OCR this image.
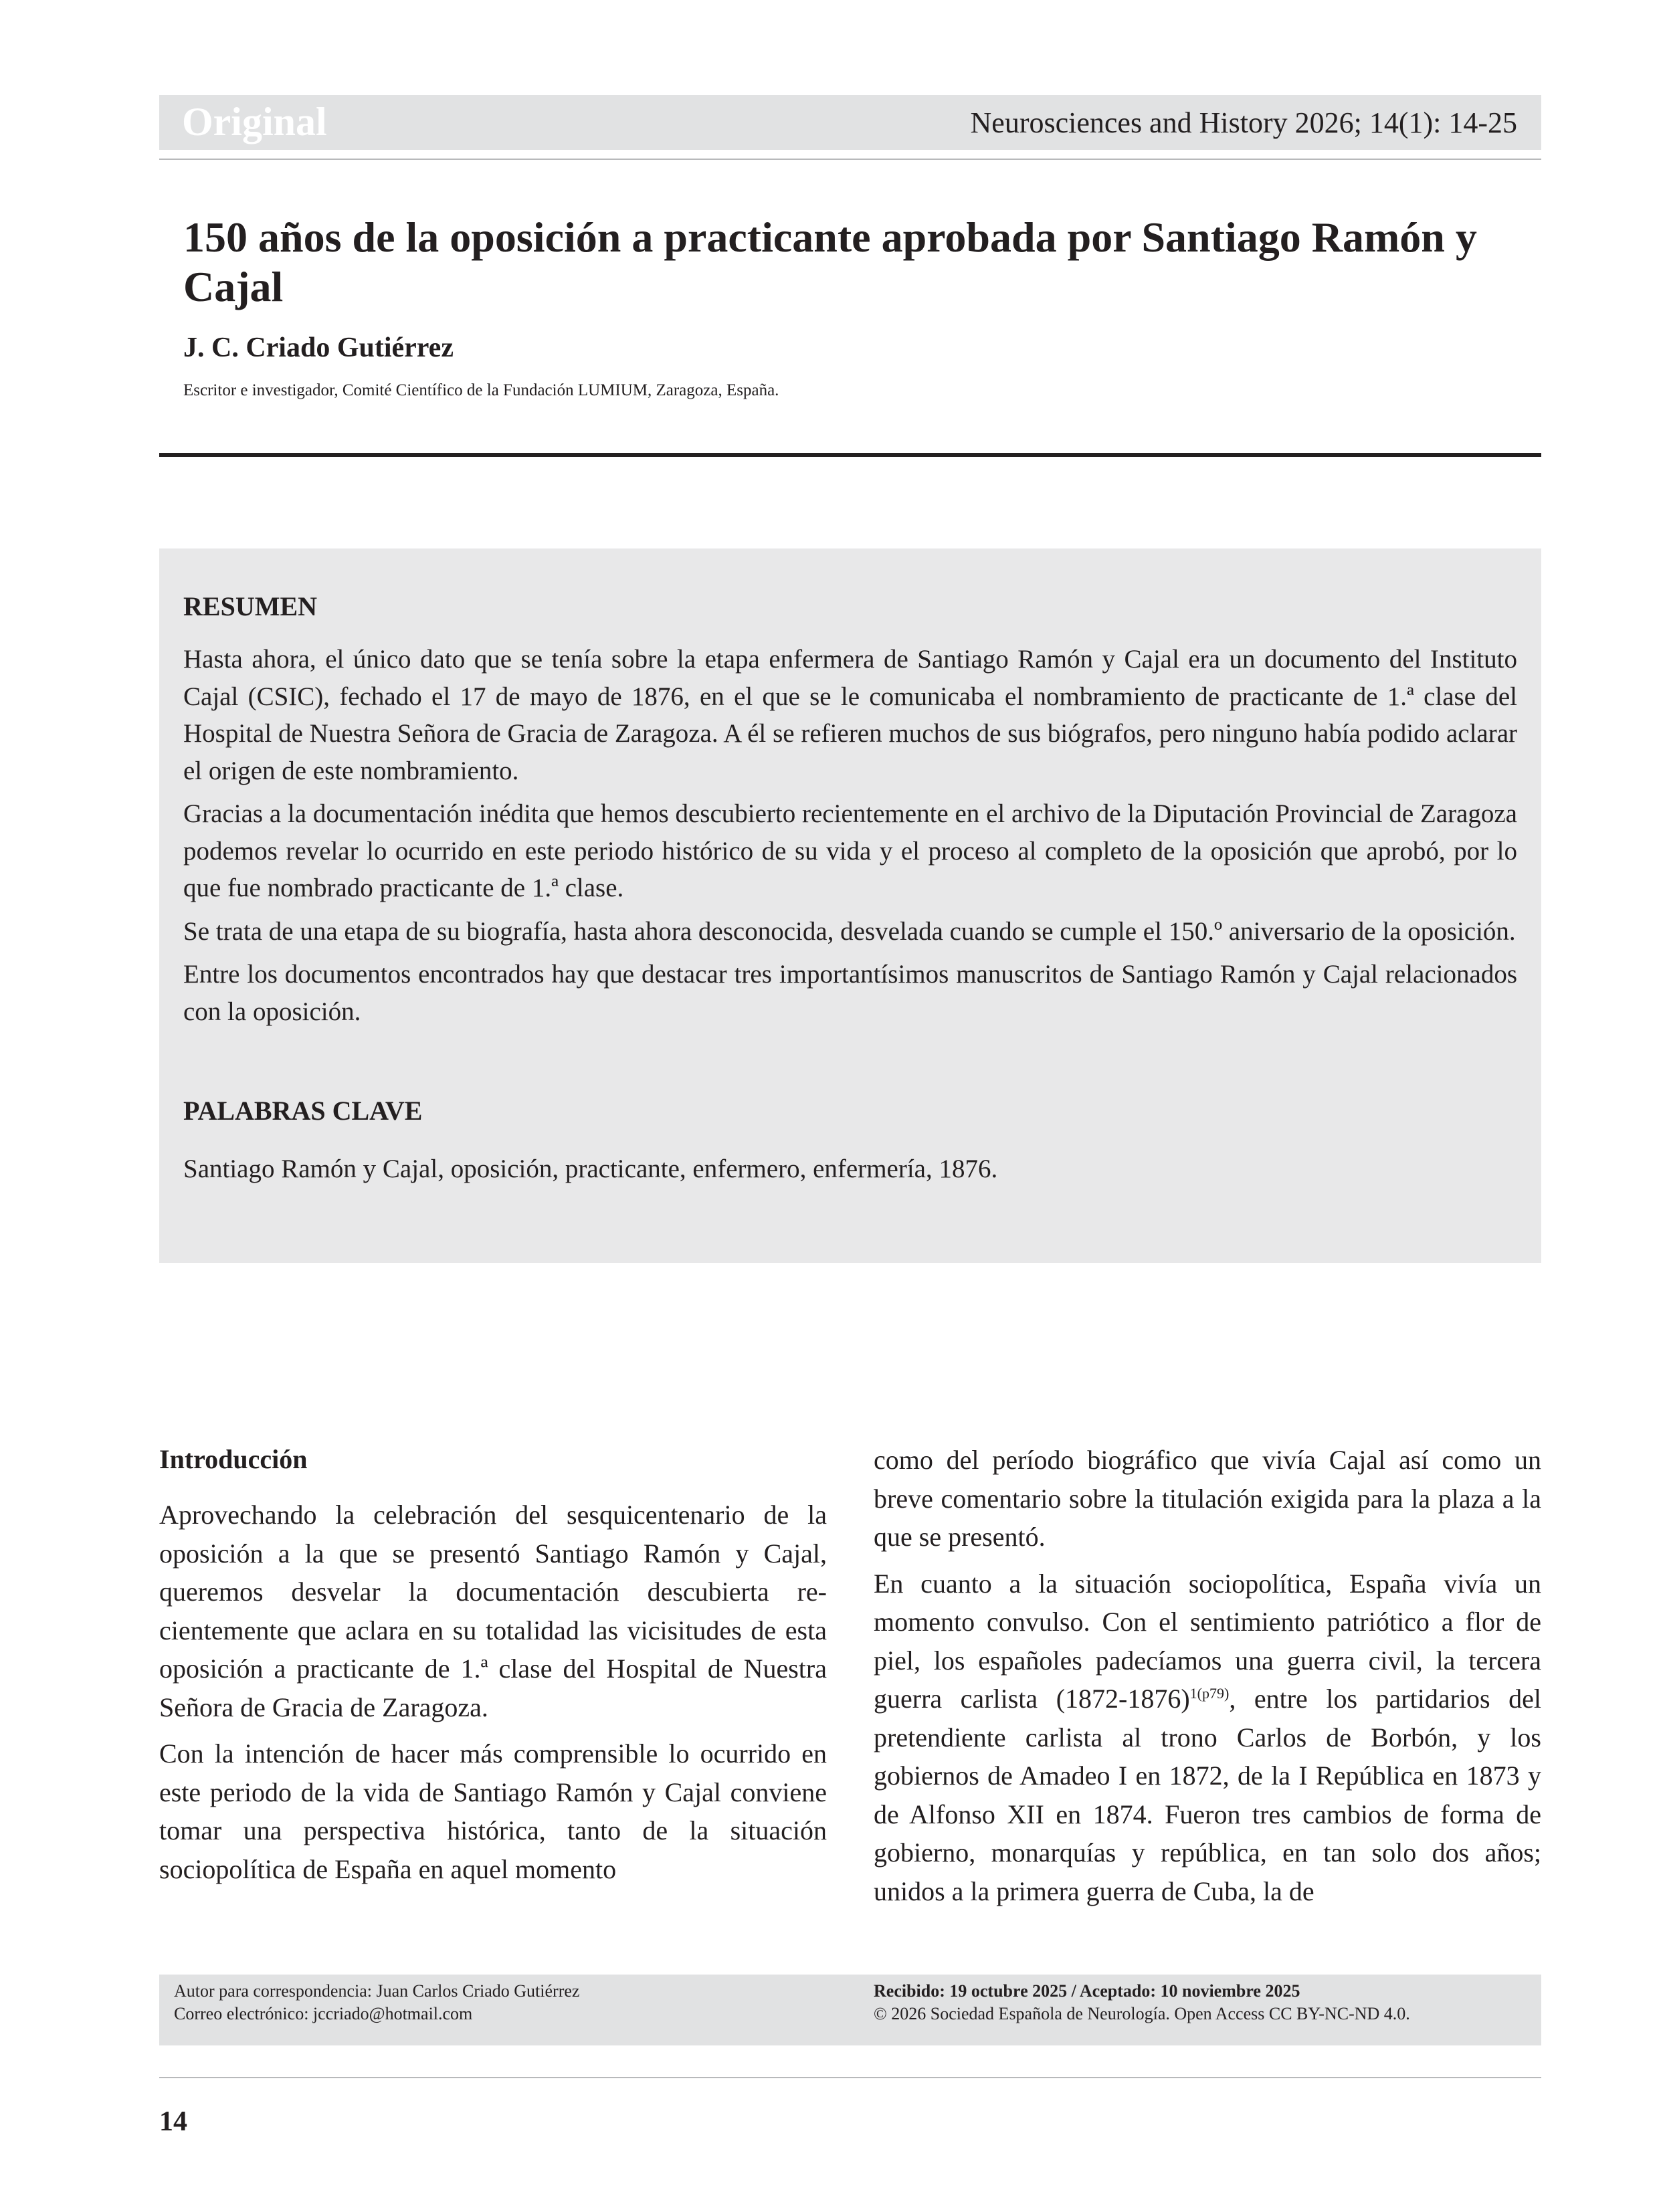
Original	Neurosciences and History 2026; 14(1): 14-25
150 años de la oposición a practicante aprobada por Santiago Ramón y Cajal
J. C. Criado Gutiérrez
Escritor e investigador, Comité Científico de la Fundación LUMIUM, Zaragoza, España.
RESUMEN

Hasta ahora, el único dato que se tenía sobre la etapa enfermera de Santiago Ramón y Cajal era un documento del Instituto Cajal (CSIC), fechado el 17 de mayo de 1876, en el que se le comunicaba el nombramiento de practicante de 1.ª clase del Hospital de Nuestra Señora de Gracia de Zaragoza. A él se refieren muchos de sus biógrafos, pero ninguno había podido aclarar el origen de este nombramiento.

Gracias a la documentación inédita que hemos descubierto recientemente en el archivo de la Diputación Provincial de Zaragoza podemos revelar lo ocurrido en este periodo histórico de su vida y el proceso al completo de la oposición que aprobó, por lo que fue nombrado practicante de 1.ª clase.

Se trata de una etapa de su biografía, hasta ahora desconocida, desvelada cuando se cumple el 150.º aniversario de la oposición.

Entre los documentos encontrados hay que destacar tres importantísimos manuscritos de Santiago Ramón y Cajal relacionados con la oposición.

PALABRAS CLAVE
Santiago Ramón y Cajal, oposición, practicante, enfermero, enfermería, 1876.
Introducción

Aprovechando la celebración del sesquicentenario de la oposición a la que se presentó Santiago Ramón y Cajal, queremos desvelar la documentación descubierta recientemente que aclara en su totalidad las vicisitudes de esta oposición a practicante de 1.ª clase del Hospital de Nuestra Señora de Gracia de Zaragoza.

Con la intención de hacer más comprensible lo ocurrido en este periodo de la vida de Santiago Ramón y Cajal conviene tomar una perspectiva histórica, tanto de la situación sociopolítica de España en aquel momento

como del período biográfico que vivía Cajal así como un breve comentario sobre la titulación exigida para la plaza a la que se presentó.

En cuanto a la situación sociopolítica, España vivía un momento convulso. Con el sentimiento patriótico a flor de piel, los españoles padecíamos una guerra civil, la tercera guerra carlista (1872-1876)$^{1(p79)}$, entre los partidarios del pretendiente carlista al trono Carlos de Borbón, y los gobiernos de Amadeo I en 1872, de la I República en 1873 y de Alfonso XII en 1874. Fueron tres cambios de forma de gobierno, monarquías y república, en tan solo dos años; unidos a la primera guerra de Cuba, la de

Autor para correspondencia: Juan Carlos Criado Gutiérrez
Correo electrónico: jccriado@hotmail.com
Recibido: 19 octubre 2025 / Aceptado: 10 noviembre 2025
© 2026 Sociedad Española de Neurología. Open Access CC BY-NC-ND 4.0.
14
